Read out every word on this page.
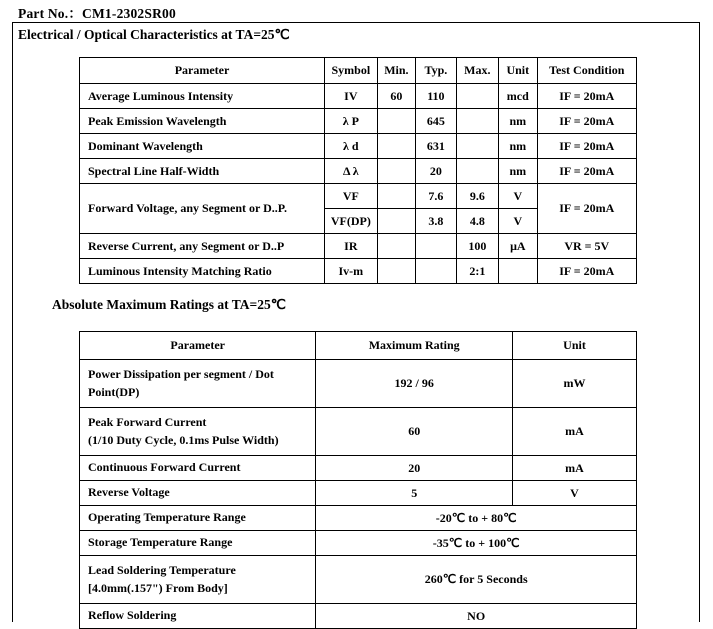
Part No.：CM1-2302SR00
Electrical / Optical Characteristics at TA=25℃
Parameter	Symbol	Min.	Typ.	Max.	Unit	Test Condition
Average Luminous Intensity	IV	60	110		mcd	IF = 20mA
Peak Emission Wavelength	λ P		645		nm	IF = 20mA
Dominant Wavelength	λ d		631		nm	IF = 20mA
Spectral Line Half-Width	Δ λ		20		nm	IF = 20mA
Forward Voltage, any Segment or D..P.	VF		7.6	9.6	V	IF = 20mA
	VF(DP)		3.8	4.8	V	
Reverse Current, any Segment or D..P	IR			100	μA	VR = 5V
Luminous Intensity Matching Ratio	Iv-m			2:1		IF = 20mA
Absolute Maximum Ratings at TA=25℃
Parameter	Maximum Rating	Unit

Power Dissipation per segment / Dot
Point(DP)	192 / 96	mW

Peak Forward Current
(1/10 Duty Cycle, 0.1ms Pulse Width)	60	mA
Continuous Forward Current	20	mA
Reverse Voltage	5	V
Operating Temperature Range	-20℃ to + 80℃	
Storage Temperature Range	-35℃ to + 100℃	

Lead Soldering Temperature
[4.0mm(.157") From Body]	260℃ for 5 Seconds	
Reflow Soldering	NO	
